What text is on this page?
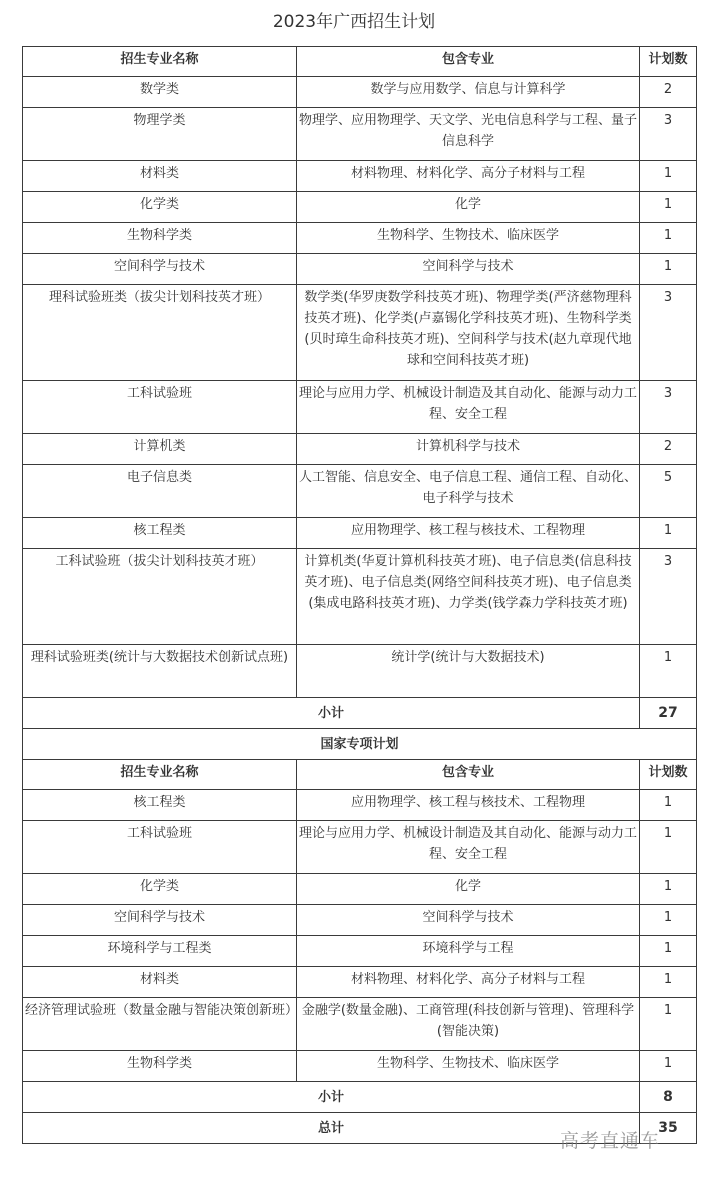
2023年广西招生计划
招生专业名称	包含专业	计划数
数学类	数学与应用数学、信息与计算科学	2
物理学类	物理学、应用物理学、天文学、光电信息科学与工程、量子信息科学	3
材料类	材料物理、材料化学、高分子材料与工程	1
化学类	化学	1
生物科学类	生物科学、生物技术、临床医学	1
空间科学与技术	空间科学与技术	1
理科试验班类（拔尖计划科技英才班）	数学类(华罗庚数学科技英才班)、物理学类(严济慈物理科技英才班)、化学类(卢嘉锡化学科技英才班)、生物科学类(贝时璋生命科技英才班)、空间科学与技术(赵九章现代地球和空间科技英才班)	3
工科试验班	理论与应用力学、机械设计制造及其自动化、能源与动力工程、安全工程	3
计算机类	计算机科学与技术	2
电子信息类	人工智能、信息安全、电子信息工程、通信工程、自动化、电子科学与技术	5
核工程类	应用物理学、核工程与核技术、工程物理	1
工科试验班（拔尖计划科技英才班）	计算机类(华夏计算机科技英才班)、电子信息类(信息科技英才班)、电子信息类(网络空间科技英才班)、电子信息类(集成电路科技英才班)、力学类(钱学森力学科技英才班)	3
理科试验班类(统计与大数据技术创新试点班)	统计学(统计与大数据技术)	1
小计		27
国家专项计划		
招生专业名称	包含专业	计划数
核工程类	应用物理学、核工程与核技术、工程物理	1
工科试验班	理论与应用力学、机械设计制造及其自动化、能源与动力工程、安全工程	1
化学类	化学	1
空间科学与技术	空间科学与技术	1
环境科学与工程类	环境科学与工程	1
材料类	材料物理、材料化学、高分子材料与工程	1
经济管理试验班（数量金融与智能决策创新班）	金融学(数量金融)、工商管理(科技创新与管理)、管理科学(智能决策)	1
生物科学类	生物科学、生物技术、临床医学	1
小计		8
总计		35
高考直通车
